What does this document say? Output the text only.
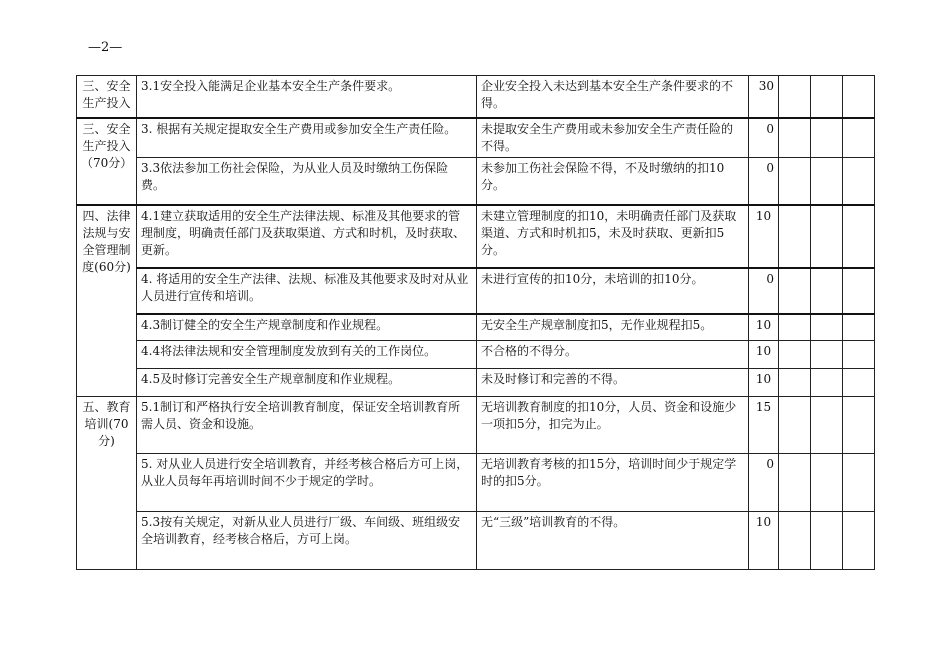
—2—
三、安全生产投入	3.1安全投入能满足企业基本安全生产条件要求。	企业安全投入未达到基本安全生产条件要求的不得。	30			
三、安全生产投入（70分）	3. 根据有关规定提取安全生产费用或参加安全生产责任险。	未提取安全生产费用或未参加安全生产责任险的不得。	0			
	3.3依法参加工伤社会保险，为从业人员及时缴纳工伤保险费。	未参加工伤社会保险不得，不及时缴纳的扣10分。	0			
四、法律法规与安全管理制度(60分)	4.1建立获取适用的安全生产法律法规、标准及其他要求的管理制度，明确责任部门及获取渠道、方式和时机，及时获取、更新。	未建立管理制度的扣10，未明确责任部门及获取渠道、方式和时机扣5，未及时获取、更新扣5分。	10			
	4. 将适用的安全生产法律、法规、标准及其他要求及时对从业人员进行宣传和培训。	未进行宣传的扣10分，未培训的扣10分。	0			
	4.3制订健全的安全生产规章制度和作业规程。	无安全生产规章制度扣5，无作业规程扣5。	10			
	4.4将法律法规和安全管理制度发放到有关的工作岗位。	不合格的不得分。	10			
	4.5及时修订完善安全生产规章制度和作业规程。	未及时修订和完善的不得。	10			
五、教育培训(70分)	5.1制订和严格执行安全培训教育制度，保证安全培训教育所需人员、资金和设施。	无培训教育制度的扣10分，人员、资金和设施少一项扣5分，扣完为止。	15			
	5. 对从业人员进行安全培训教育，并经考核合格后方可上岗，从业人员每年再培训时间不少于规定的学时。	无培训教育考核的扣15分，培训时间少于规定学时的扣5分。	0			
	5.3按有关规定，对新从业人员进行厂级、车间级、班组级安全培训教育，经考核合格后，方可上岗。	无“三级”培训教育的不得。	10			
